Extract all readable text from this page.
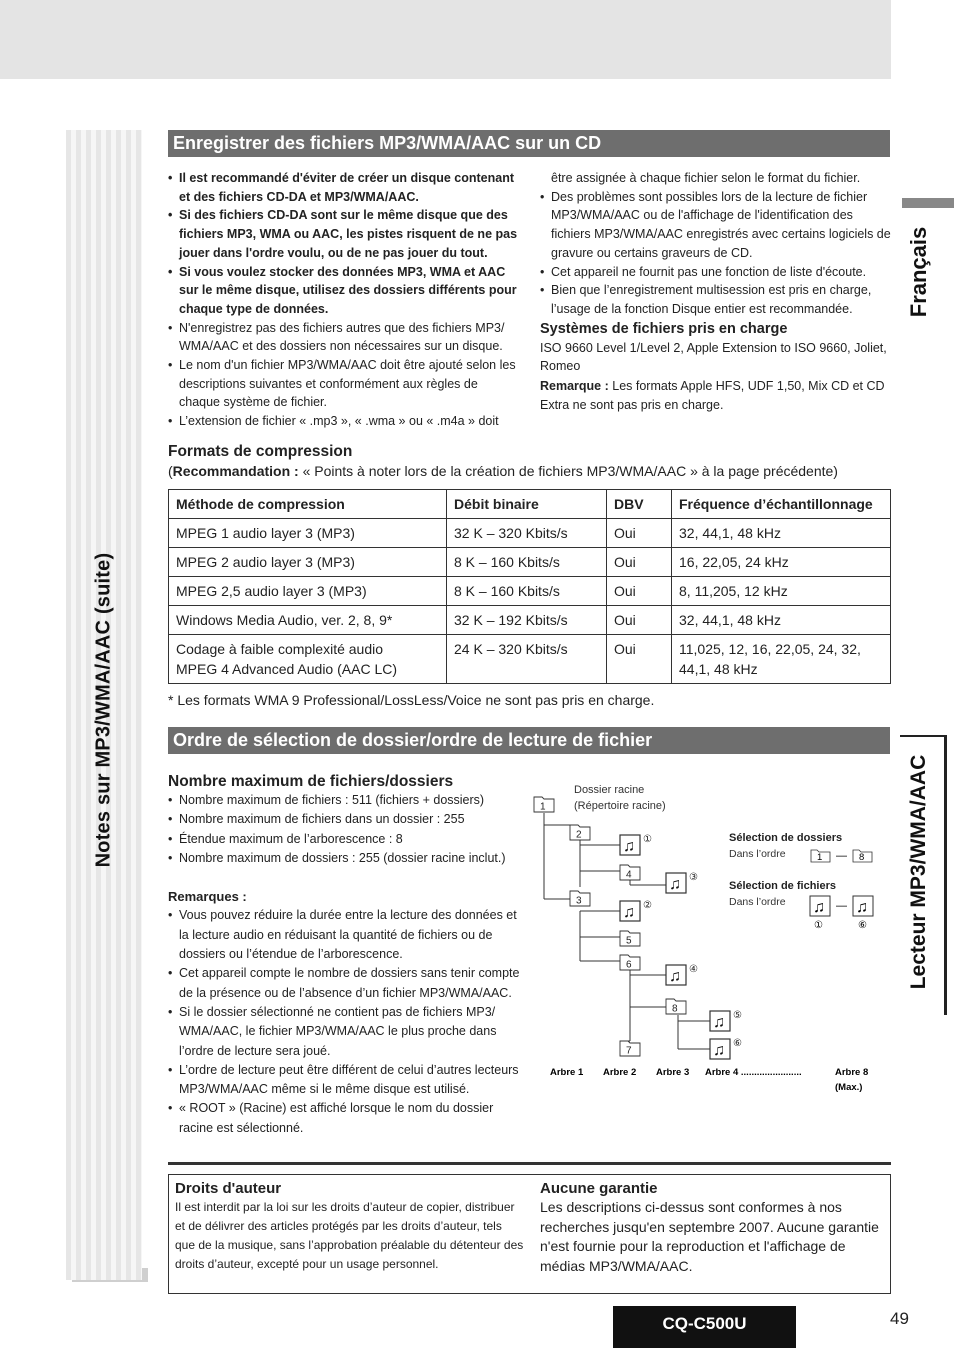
Notes sur MP3/WMA/AAC (suite)
Français
Lecteur MP3/WMA/AAC
Enregistrer des fichiers MP3/WMA/AAC sur un CD
• Il est recommandé d'éviter de créer un disque contenant et des fichiers CD-DA et MP3/WMA/AAC.
• Si des fichiers CD-DA sont sur le même disque que des fichiers MP3, WMA ou AAC, les pistes risquent de ne pas jouer dans l'ordre voulu, ou de ne pas jouer du tout.
• Si vous voulez stocker des données MP3, WMA et AAC sur le même disque, utilisez des dossiers différents pour chaque type de données.
• N'enregistrez pas des fichiers autres que des fichiers MP3/ WMA/AAC et des dossiers non nécessaires sur un disque.
• Le nom d'un fichier MP3/WMA/AAC doit être ajouté selon les descriptions suivantes et conformément aux règles de chaque système de fichier.
• L’extension de fichier « .mp3 », « .wma » ou « .m4a » doit
être assignée à chaque fichier selon le format du fichier.
• Des problèmes sont possibles lors de la lecture de fichier MP3/WMA/AAC ou de l'affichage de l'identification des fichiers MP3/WMA/AAC enregistrés avec certains logiciels de gravure ou certains graveurs de CD.
• Cet appareil ne fournit pas une fonction de liste d'écoute.
• Bien que l’enregistrement multisession est pris en charge, l’usage de la fonction Disque entier est recommandée.
Systèmes de fichiers pris en charge
ISO 9660 Level 1/Level 2, Apple Extension to ISO 9660, Joliet, Romeo
Remarque : Les formats Apple HFS, UDF 1,50, Mix CD et CD Extra ne sont pas pris en charge.
Formats de compression
(Recommandation : « Points à noter lors de la création de fichiers MP3/WMA/AAC » à la page précédente)
Méthode de compression	Débit binaire	DBV	Fréquence d’échantillonnage
MPEG 1 audio layer 3 (MP3)	32 K – 320 Kbits/s	Oui	32, 44,1, 48 kHz
MPEG 2 audio layer 3 (MP3)	8 K – 160 Kbits/s	Oui	16, 22,05, 24 kHz
MPEG 2,5 audio layer 3 (MP3)	8 K – 160 Kbits/s	Oui	8, 11,205, 12 kHz
Windows Media Audio, ver. 2, 8, 9*	32 K – 192 Kbits/s	Oui	32, 44,1, 48 kHz
Codage à faible complexité audio
MPEG 4 Advanced Audio (AAC LC)	24 K – 320 Kbits/s	Oui	11,025, 12, 16, 22,05, 24, 32, 44,1, 48 kHz
* Les formats WMA 9 Professional/LossLess/Voice ne sont pas pris en charge.
Ordre de sélection de dossier/ordre de lecture de fichier
Nombre maximum de fichiers/dossiers
• Nombre maximum de fichiers : 511 (fichiers + dossiers)
• Nombre maximum de fichiers dans un dossier : 255
• Étendue maximum de l’arborescence : 8
• Nombre maximum de dossiers : 255 (dossier racine inclut.)
Remarques :
• Vous pouvez réduire la durée entre la lecture des données et la lecture audio en réduisant la quantité de fichiers ou de dossiers ou l’étendue de l’arborescence.
• Cet appareil compte le nombre de dossiers sans tenir compte de la présence ou de l’absence d’un fichier MP3/WMA/AAC.
• Si le dossier sélectionné ne contient pas de fichiers MP3/ WMA/AAC, le fichier MP3/WMA/AAC le plus proche dans l’ordre de lecture sera joué.
• L’ordre de lecture peut être différent de celui d’autres lecteurs MP3/WMA/AAC même si le même disque est utilisé.
• « ROOT » (Racine) est affiché lorsque le nom du dossier racine est sélectionné.
1
2
3
4
5
6
7
8
♫ ①
♫ ②
♫ ③
♫ ④
♫ ⑤
♫ ⑥
Dossier racine
(Répertoire racine)
Sélection de dossiers
Dans l’ordre	1 — 8
Sélection de fichiers
Dans l’ordre ♫ — ♫
①	⑥
Arbre 1 Arbre 2 Arbre 3 Arbre 4 .......................	Arbre 8
(Max.)
Droits d'auteur
Il est interdit par la loi sur les droits d’auteur de copier, distribuer et de délivrer des articles protégés par les droits d’auteur, tels que de la musique, sans l’approbation préalable du détenteur des droits d’auteur, excepté pour un usage personnel.
Aucune garantie
Les descriptions ci-dessus sont conformes à nos recherches jusqu'en septembre 2007. Aucune garantie n'est fournie pour la reproduction et l'affichage de médias MP3/WMA/AAC.
CQ-C500U	49
